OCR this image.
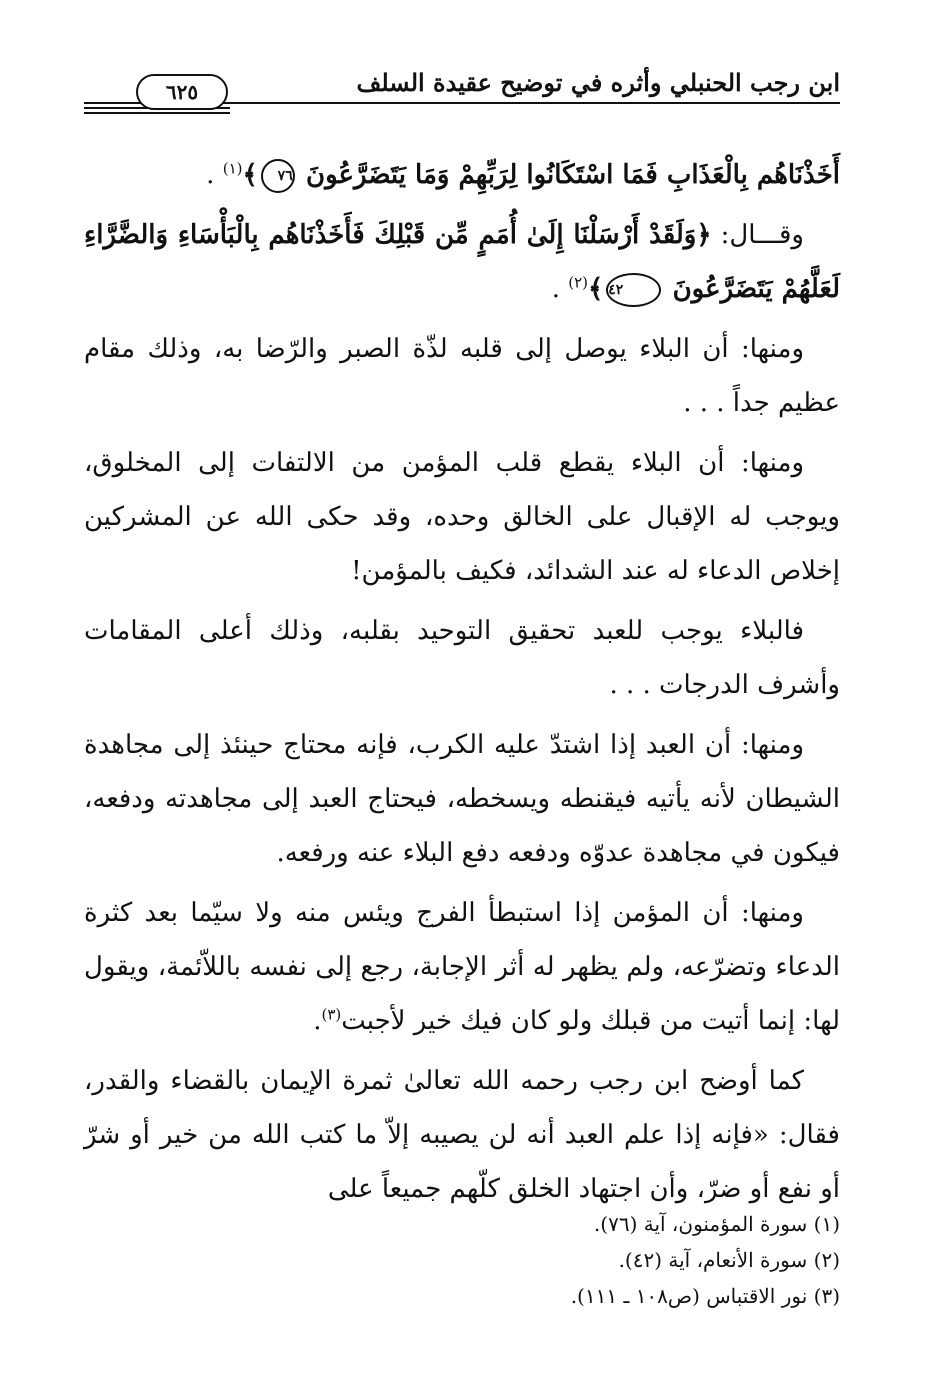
ابن رجب الحنبلي وأثره في توضيح عقيدة السلف
٦٢٥

أَخَذْنَاهُم بِالْعَذَابِ فَمَا اسْتَكَانُوا لِرَبِّهِمْ وَمَا يَتَضَرَّعُونَ ٧٦﴾$^{(١)}$ .

وقـــال: ﴿وَلَقَدْ أَرْسَلْنَا إِلَىٰ أُمَمٍ مِّن قَبْلِكَ فَأَخَذْنَاهُم بِالْبَأْسَاءِ وَالضَّرَّاءِ لَعَلَّهُمْ يَتَضَرَّعُونَ ٤٢﴾$^{(٢)}$ .

ومنها: أن البلاء يوصل إلى قلبه لذّة الصبر والرّضا به، وذلك مقام عظيم جداً . . .

ومنها: أن البلاء يقطع قلب المؤمن من الالتفات إلى المخلوق، ويوجب له الإقبال على الخالق وحده، وقد حكى الله عن المشركين إخلاص الدعاء له عند الشدائد، فكيف بالمؤمن!

فالبلاء يوجب للعبد تحقيق التوحيد بقلبه، وذلك أعلى المقامات وأشرف الدرجات . . .

ومنها: أن العبد إذا اشتدّ عليه الكرب، فإنه محتاج حينئذ إلى مجاهدة الشيطان لأنه يأتيه فيقنطه ويسخطه، فيحتاج العبد إلى مجاهدته ودفعه، فيكون في مجاهدة عدوّه ودفعه دفع البلاء عنه ورفعه.

ومنها: أن المؤمن إذا استبطأ الفرج ويئس منه ولا سيّما بعد كثرة الدعاء وتضرّعه، ولم يظهر له أثر الإجابة، رجع إلى نفسه باللاّئمة، ويقول لها: إنما أتيت من قبلك ولو كان فيك خير لأجبت$^{(٣)}$.

كما أوضح ابن رجب رحمه الله تعالىٰ ثمرة الإيمان بالقضاء والقدر، فقال: «فإنه إذا علم العبد أنه لن يصيبه إلاّ ما كتب الله من خير أو شرّ أو نفع أو ضرّ، وأن اجتهاد الخلق كلّهم جميعاً على

(١) سورة المؤمنون، آية (٧٦).

(٢) سورة الأنعام، آية (٤٢).

(٣) نور الاقتباس (ص١٠٨ ـ ١١١).
